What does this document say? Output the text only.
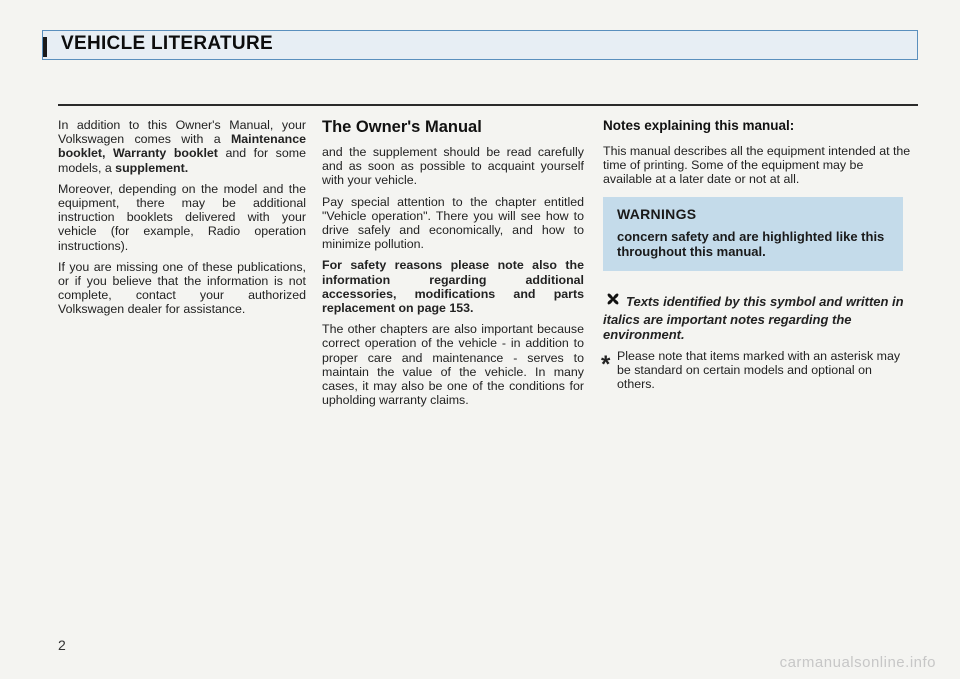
VEHICLE LITERATURE

In addition to this Owner's Manual, your Volkswagen comes with a Maintenance booklet, Warranty booklet and for some models, a supplement.

Moreover, depending on the model and the equipment, there may be additional instruction booklets delivered with your vehicle (for example, Radio operation instructions).

If you are missing one of these publications, or if you believe that the information is not complete, contact your authorized Volkswagen dealer for assistance.

The Owner's Manual

and the supplement should be read carefully and as soon as possible to acquaint yourself with your vehicle.

Pay special attention to the chapter entitled "Vehicle operation". There you will see how to drive safely and economically, and how to minimize pollution.

For safety reasons please note also the information regarding additional accessories, modifications and parts replacement on page 153.

The other chapters are also important because correct operation of the vehicle - in addition to proper care and maintenance - serves to maintain the value of the vehicle. In many cases, it may also be one of the conditions for upholding warranty claims.

Notes explaining this manual:

This manual describes all the equipment intended at the time of printing. Some of the equipment may be available at a later date or not at all.

WARNINGS
concern safety and are highlighted like this throughout this manual.

Texts identified by this symbol and written in italics are important notes regarding the environment.

* Please note that items marked with an asterisk may be standard on certain models and optional on others.

2
carmanualsonline.info
